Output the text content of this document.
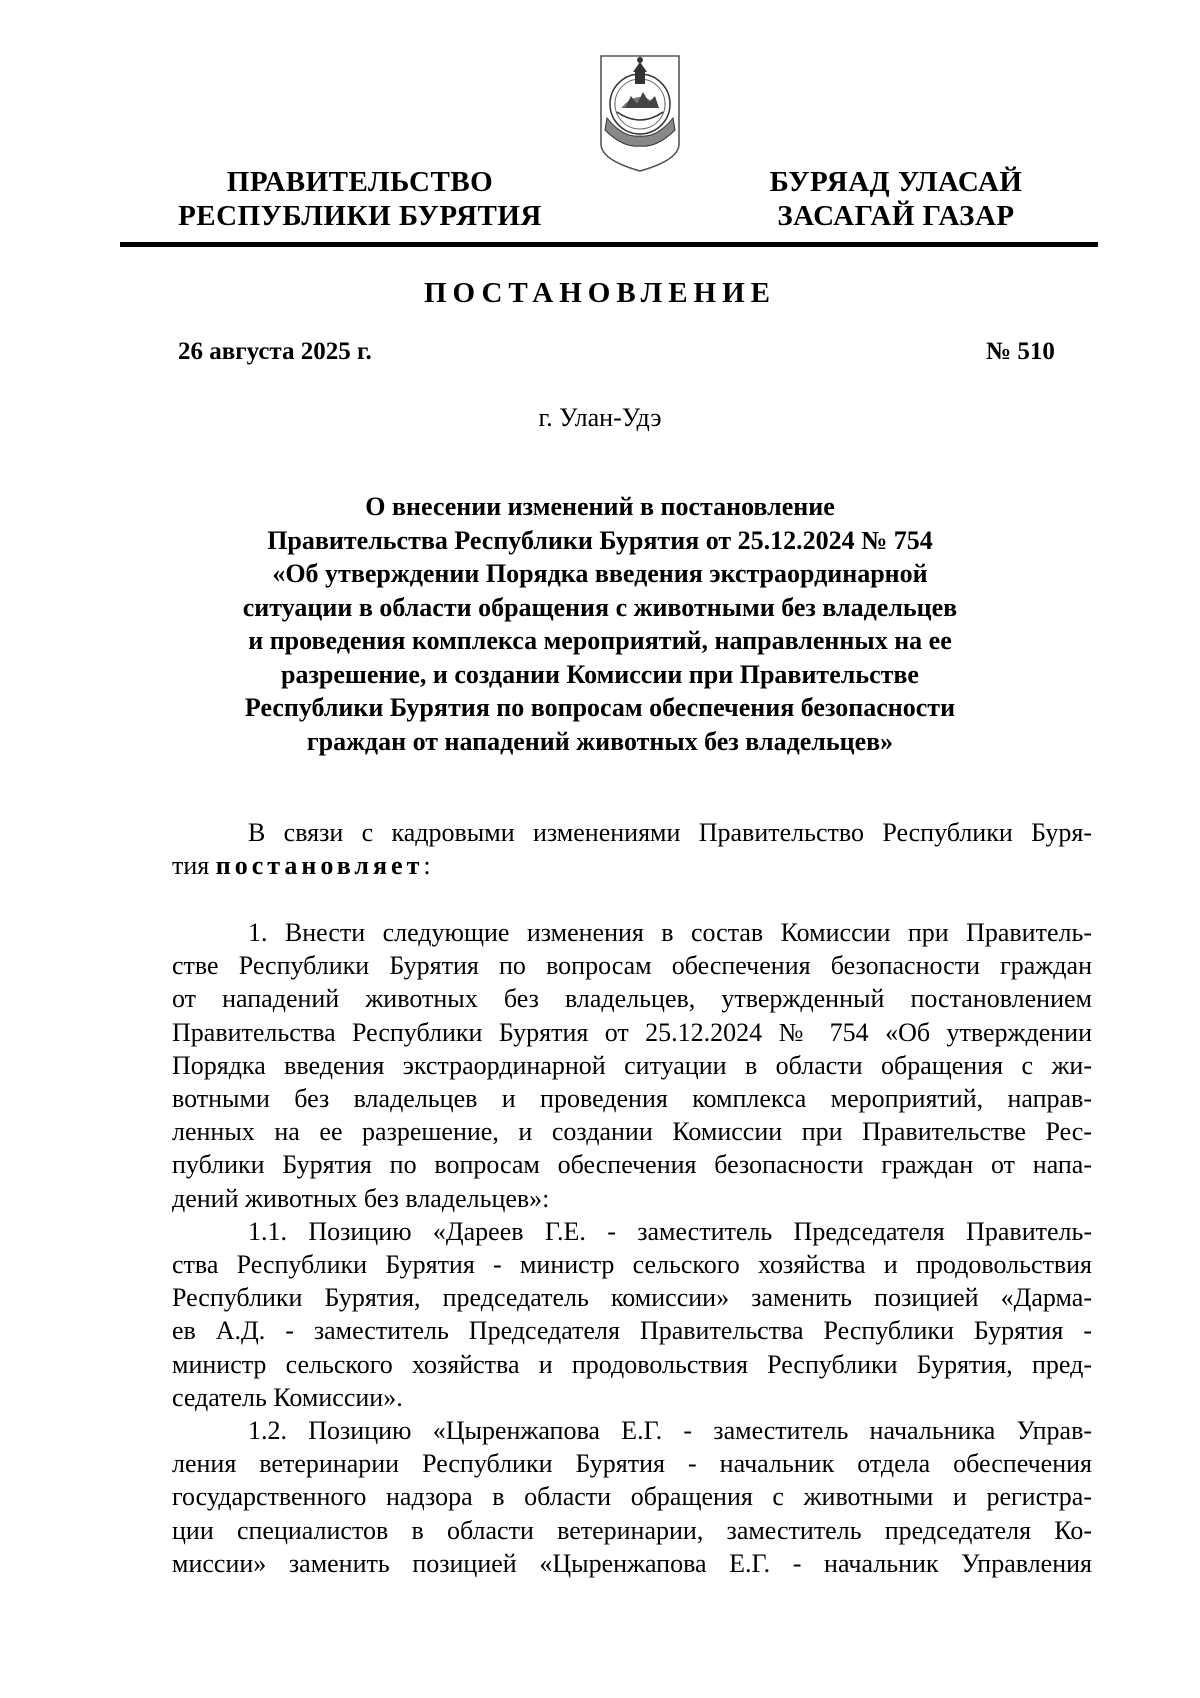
ПРАВИТЕЛЬСТВО
РЕСПУБЛИКИ БУРЯТИЯ
БУРЯАД УЛАСАЙ
ЗАСАГАЙ ГАЗАР
ПОСТАНОВЛЕНИЕ
26 августа 2025 г.	№ 510
г. Улан-Удэ
О внесении изменений в постановление
Правительства Республики Бурятия от 25.12.2024 № 754
«Об утверждении Порядка введения экстраординарной
ситуации в области обращения с животными без владельцев
и проведения комплекса мероприятий, направленных на ее
разрешение, и создании Комиссии при Правительстве
Республики Бурятия по вопросам обеспечения безопасности
граждан от нападений животных без владельцев»
В связи с кадровыми изменениями Правительство Республики Буря-
тия постановляет:
1. Внести следующие изменения в состав Комиссии при Правитель-
стве Республики Бурятия по вопросам обеспечения безопасности граждан
от нападений животных без владельцев, утвержденный постановлением
Правительства Республики Бурятия от 25.12.2024 № 754 «Об утверждении
Порядка введения экстраординарной ситуации в области обращения с жи-
вотными без владельцев и проведения комплекса мероприятий, направ-
ленных на ее разрешение, и создании Комиссии при Правительстве Рес-
публики Бурятия по вопросам обеспечения безопасности граждан от напа-
дений животных без владельцев»:
1.1. Позицию «Дареев Г.Е. - заместитель Председателя Правитель-
ства Республики Бурятия - министр сельского хозяйства и продовольствия
Республики Бурятия, председатель комиссии» заменить позицией «Дарма-
ев А.Д. - заместитель Председателя Правительства Республики Бурятия -
министр сельского хозяйства и продовольствия Республики Бурятия, пред-
седатель Комиссии».
1.2. Позицию «Цыренжапова Е.Г. - заместитель начальника Управ-
ления ветеринарии Республики Бурятия - начальник отдела обеспечения
государственного надзора в области обращения с животными и регистра-
ции специалистов в области ветеринарии, заместитель председателя Ко-
миссии» заменить позицией «Цыренжапова Е.Г. - начальник Управления
